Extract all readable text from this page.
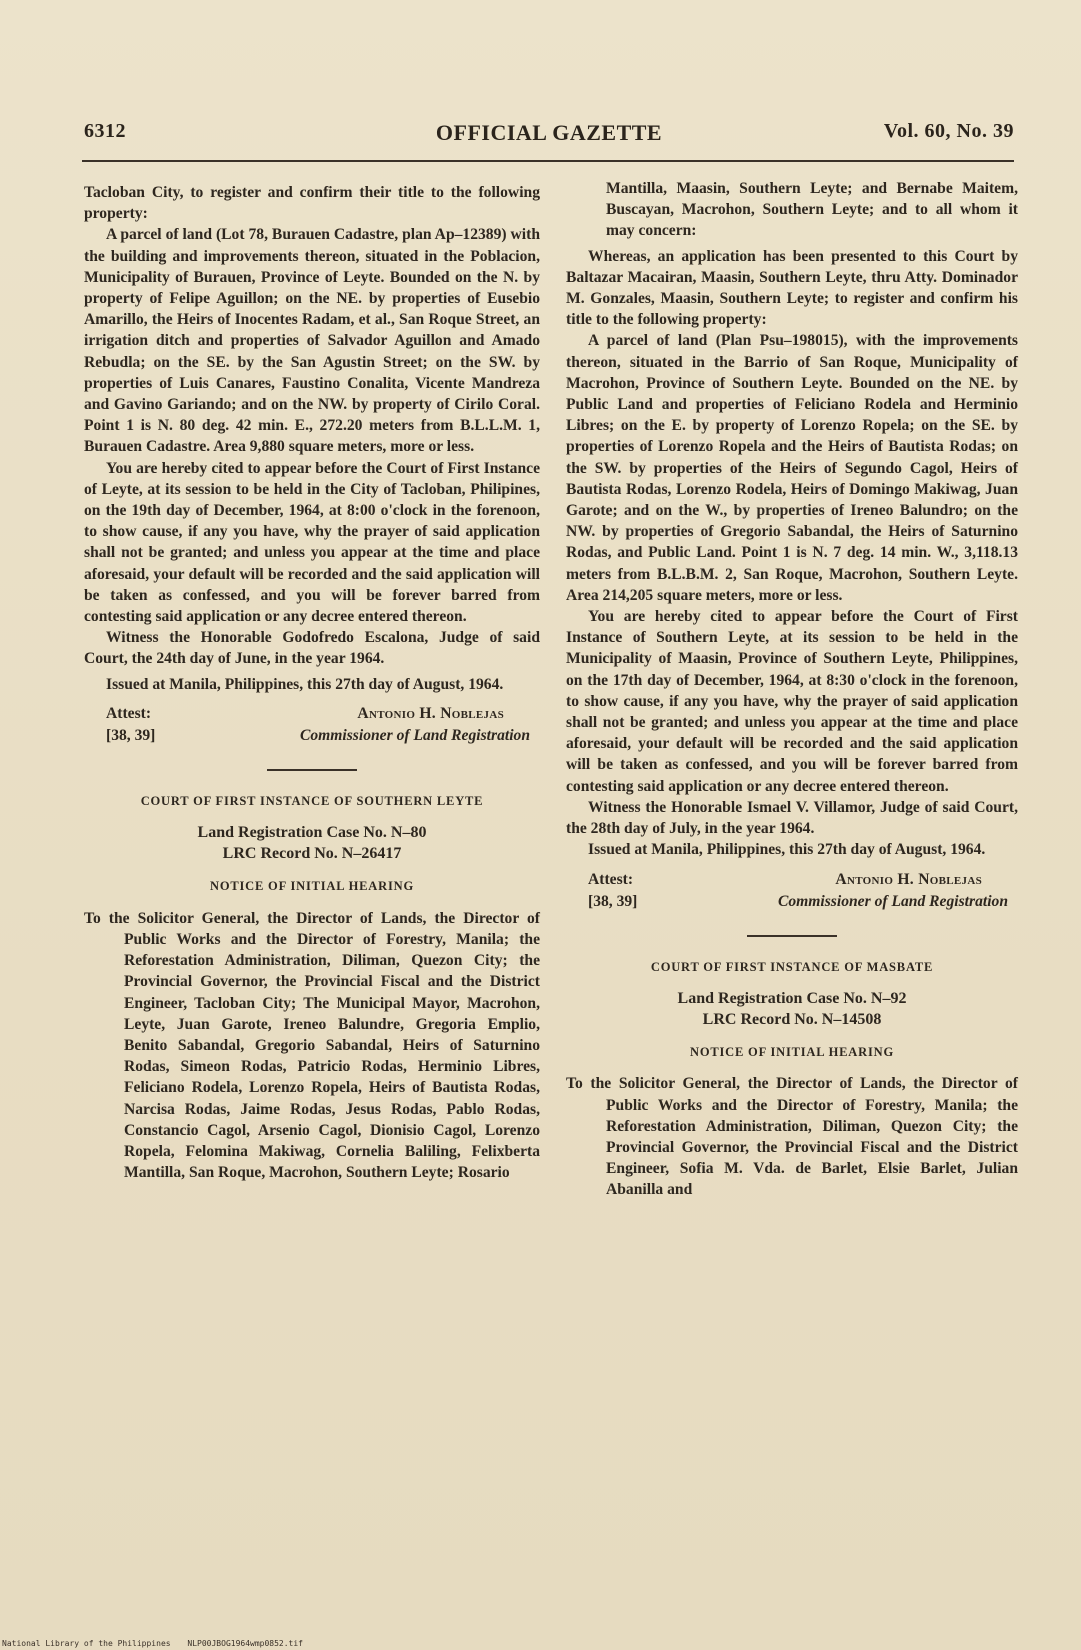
6312	OFFICIAL GAZETTE	Vol. 60, No. 39

Tacloban City, to register and confirm their title to the following property:

A parcel of land (Lot 78, Burauen Cadastre, plan Ap–12389) with the building and improvements thereon, situated in the Poblacion, Municipality of Burauen, Province of Leyte. Bounded on the N. by property of Felipe Aguillon; on the NE. by properties of Eusebio Amarillo, the Heirs of Inocentes Radam, et al., San Roque Street, an irrigation ditch and properties of Salvador Aguillon and Amado Rebudla; on the SE. by the San Agustin Street; on the SW. by properties of Luis Canares, Faustino Conalita, Vicente Mandreza and Gavino Gariando; and on the NW. by property of Cirilo Coral. Point 1 is N. 80 deg. 42 min. E., 272.20 meters from B.L.L.M. 1, Burauen Cadastre. Area 9,880 square meters, more or less.

You are hereby cited to appear before the Court of First Instance of Leyte, at its session to be held in the City of Tacloban, Philipines, on the 19th day of December, 1964, at 8:00 o'clock in the forenoon, to show cause, if any you have, why the prayer of said application shall not be granted; and unless you appear at the time and place aforesaid, your default will be recorded and the said application will be taken as confessed, and you will be forever barred from contesting said application or any decree entered thereon.

Witness the Honorable Godofredo Escalona, Judge of said Court, the 24th day of June, in the year 1964.

Issued at Manila, Philippines, this 27th day of August, 1964.

Attest:
[38, 39]
Antonio H. Noblejas
Commissioner of Land Registration
COURT OF FIRST INSTANCE OF SOUTHERN LEYTE
Land Registration Case No. N–80
LRC Record No. N–26417
NOTICE OF INITIAL HEARING

To the Solicitor General, the Director of Lands, the Director of Public Works and the Director of Forestry, Manila; the Reforestation Administration, Diliman, Quezon City; the Provincial Governor, the Provincial Fiscal and the District Engineer, Tacloban City; The Municipal Mayor, Macrohon, Leyte, Juan Garote, Ireneo Balundre, Gregoria Emplio, Benito Sabandal, Gregorio Sabandal, Heirs of Saturnino Rodas, Simeon Rodas, Patricio Rodas, Herminio Libres, Feliciano Rodela, Lorenzo Ropela, Heirs of Bautista Rodas, Narcisa Rodas, Jaime Rodas, Jesus Rodas, Pablo Rodas, Constancio Cagol, Arsenio Cagol, Dionisio Cagol, Lorenzo Ropela, Felomina Makiwag, Cornelia Baliling, Felixberta Mantilla, San Roque, Macrohon, Southern Leyte; Rosario

Mantilla, Maasin, Southern Leyte; and Bernabe Maitem, Buscayan, Macrohon, Southern Leyte; and to all whom it may concern:

Whereas, an application has been presented to this Court by Baltazar Macairan, Maasin, Southern Leyte, thru Atty. Dominador M. Gonzales, Maasin, Southern Leyte; to register and confirm his title to the following property:

A parcel of land (Plan Psu–198015), with the improvements thereon, situated in the Barrio of San Roque, Municipality of Macrohon, Province of Southern Leyte. Bounded on the NE. by Public Land and properties of Feliciano Rodela and Herminio Libres; on the E. by property of Lorenzo Ropela; on the SE. by properties of Lorenzo Ropela and the Heirs of Bautista Rodas; on the SW. by properties of the Heirs of Segundo Cagol, Heirs of Bautista Rodas, Lorenzo Rodela, Heirs of Domingo Makiwag, Juan Garote; and on the W., by properties of Ireneo Balundro; on the NW. by properties of Gregorio Sabandal, the Heirs of Saturnino Rodas, and Public Land. Point 1 is N. 7 deg. 14 min. W., 3,118.13 meters from B.L.B.M. 2, San Roque, Macrohon, Southern Leyte. Area 214,205 square meters, more or less.

You are hereby cited to appear before the Court of First Instance of Southern Leyte, at its session to be held in the Municipality of Maasin, Province of Southern Leyte, Philippines, on the 17th day of December, 1964, at 8:30 o'clock in the forenoon, to show cause, if any you have, why the prayer of said application shall not be granted; and unless you appear at the time and place aforesaid, your default will be recorded and the said application will be taken as confessed, and you will be forever barred from contesting said application or any decree entered thereon.

Witness the Honorable Ismael V. Villamor, Judge of said Court, the 28th day of July, in the year 1964.

Issued at Manila, Philippines, this 27th day of August, 1964.

Attest:
[38, 39]
Antonio H. Noblejas
Commissioner of Land Registration
COURT OF FIRST INSTANCE OF MASBATE
Land Registration Case No. N–92
LRC Record No. N–14508
NOTICE OF INITIAL HEARING

To the Solicitor General, the Director of Lands, the Director of Public Works and the Director of Forestry, Manila; the Reforestation Administration, Diliman, Quezon City; the Provincial Governor, the Provincial Fiscal and the District Engineer, Sofia M. Vda. de Barlet, Elsie Barlet, Julian Abanilla and

National Library of the Philippines NLP00JBOG1964wmp0852.tif
